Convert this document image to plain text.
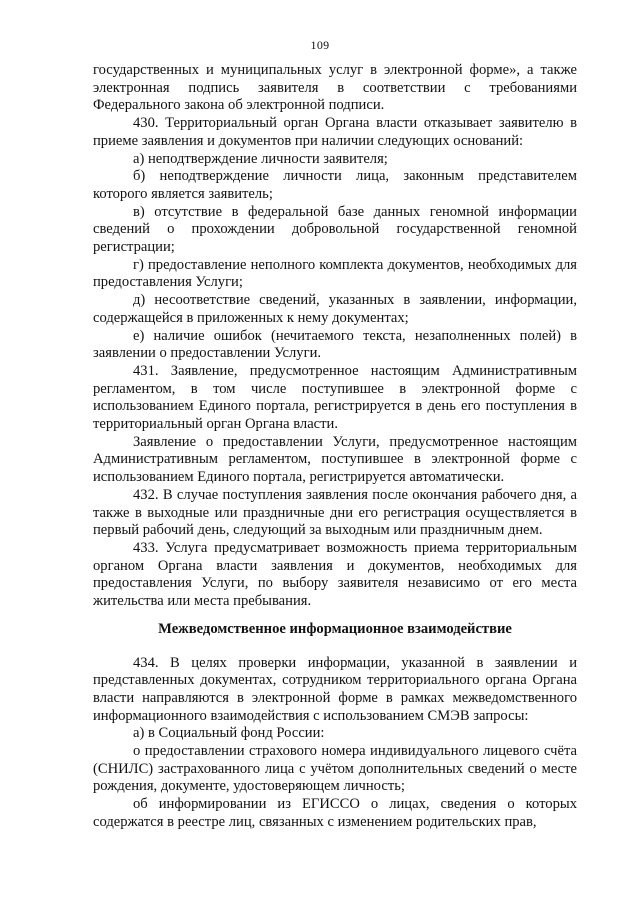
109

государственных и муниципальных услуг в электронной форме», а также электронная подпись заявителя в соответствии с требованиями Федерального закона об электронной подписи.

430. Территориальный орган Органа власти отказывает заявителю в приеме заявления и документов при наличии следующих оснований:

а) неподтверждение личности заявителя;

б) неподтверждение личности лица, законным представителем которого является заявитель;

в) отсутствие в федеральной базе данных геномной информации сведений о прохождении добровольной государственной геномной регистрации;

г) предоставление неполного комплекта документов, необходимых для предоставления Услуги;

д) несоответствие сведений, указанных в заявлении, информации, содержащейся в приложенных к нему документах;

е) наличие ошибок (нечитаемого текста, незаполненных полей) в заявлении о предоставлении Услуги.

431. Заявление, предусмотренное настоящим Административным регламентом, в том числе поступившее в электронной форме с использованием Единого портала, регистрируется в день его поступления в территориальный орган Органа власти.

Заявление о предоставлении Услуги, предусмотренное настоящим Административным регламентом, поступившее в электронной форме с использованием Единого портала, регистрируется автоматически.

432. В случае поступления заявления после окончания рабочего дня, а также в выходные или праздничные дни его регистрация осуществляется в первый рабочий день, следующий за выходным или праздничным днем.

433. Услуга предусматривает возможность приема территориальным органом Органа власти заявления и документов, необходимых для предоставления Услуги, по выбору заявителя независимо от его места жительства или места пребывания.

Межведомственное информационное взаимодействие

434. В целях проверки информации, указанной в заявлении и представленных документах, сотрудником территориального органа Органа власти направляются в электронной форме в рамках межведомственного информационного взаимодействия с использованием СМЭВ запросы:

а) в Социальный фонд России:

о предоставлении страхового номера индивидуального лицевого счёта (СНИЛС) застрахованного лица с учётом дополнительных сведений о месте рождения, документе, удостоверяющем личность;

об информировании из ЕГИССО о лицах, сведения о которых содержатся в реестре лиц, связанных с изменением родительских прав,
